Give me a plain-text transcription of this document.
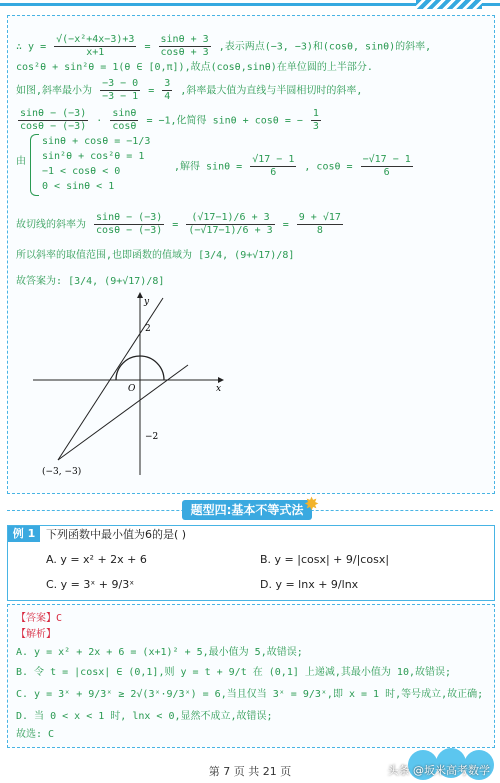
∴ $y = \frac{\text{√(−x²+4x−3)+3}}{x+1} = \frac{\sin\theta + 3}{\cos\theta + 3}$ ,表示两点(−3, −3)和(cosθ, sinθ)的斜率,
cos²θ + sin²θ = 1(θ ∈ [0,π]),故点(cosθ,sinθ)在单位圆的上半部分.
如图,斜率最小为 $\frac{-3 - 0}{-3 - 1} = \frac{3}{4}$ ,斜率最大值为直线与半圆相切时的斜率,
$\frac{\sin\theta - (-3)}{\cos\theta - (-3)} \cdot \frac{\sin\theta}{\cos\theta} = -1$,化简得 sinθ + cosθ = − $\frac{1}{3}$
由
sinθ + cosθ = −1/3
sin²θ + cos²θ = 1
−1 < cosθ < 0
0 < sinθ < 1
,解得 $\sin\theta = \frac{√17 - 1}{6}$ , $\cos\theta = \frac{-√17 - 1}{6}$
故切线的斜率为 $\frac{\sin\theta - (-3)}{\cos\theta - (-3)} = \frac{(√17-1)/6 + 3}{(-√17-1)/6 + 3} = \frac{9 + √17}{8}$
所以斜率的取值范围,也即函数的值域为 [3/4, (9+√17)/8]
故答案为: [3/4, (9+√17)/8]
y
x
O
2
−2
(−3, −3)
题型四:基本不等式法 ✸
例 1 下列函数中最小值为6的是( )
A. y = x² + 2x + 6	B. y = |cosx| + 9/|cosx|
C. y = 3ˣ + 9/3ˣ	D. y = lnx + 9/lnx
【答案】C
【解析】
A. y = x² + 2x + 6 = (x+1)² + 5,最小值为 5,故错误;
B. 令 t = |cosx| ∈ (0,1],则 y = t + 9/t 在 (0,1] 上递减,其最小值为 10,故错误;
C. y = 3ˣ + 9/3ˣ ≥ 2√(3ˣ·9/3ˣ) = 6,当且仅当 3ˣ = 9/3ˣ,即 x = 1 时,等号成立,故正确;
D. 当 0 < x < 1 时, lnx < 0,显然不成立,故错误;
故选: C
第 7 页 共 21 页	头条 @坂米高考数学
